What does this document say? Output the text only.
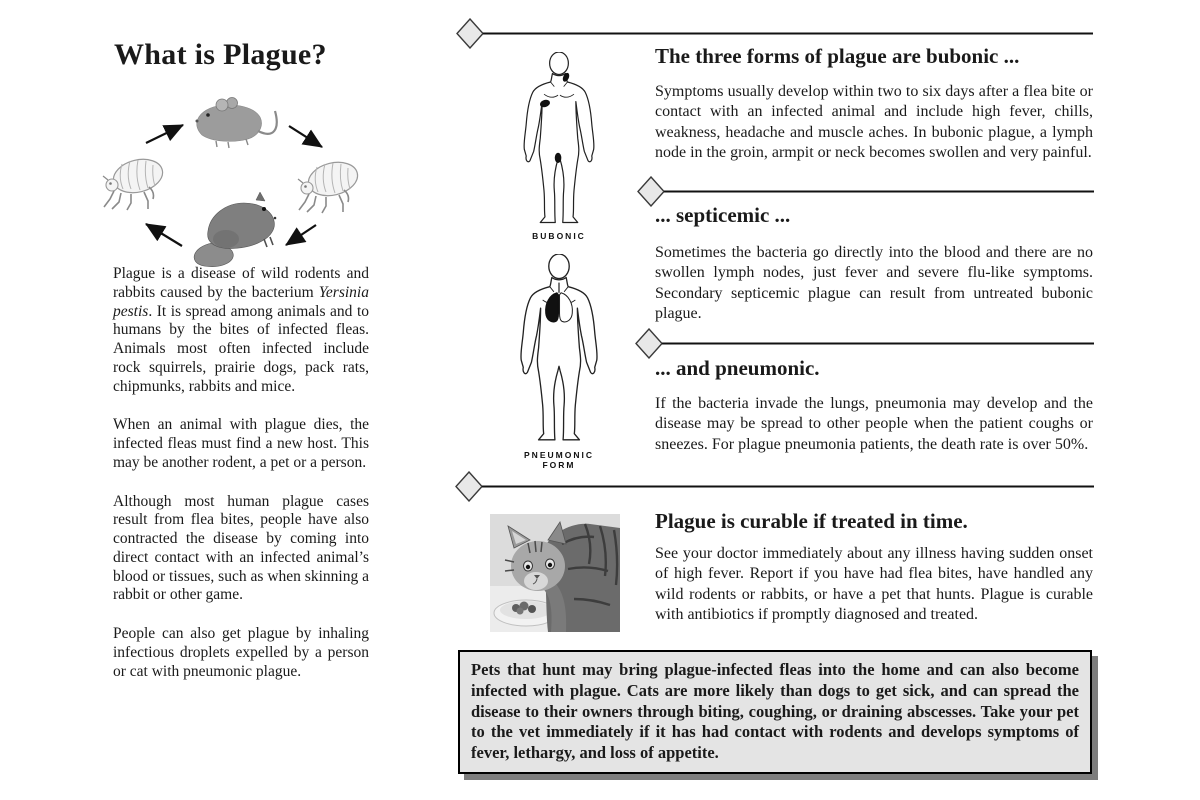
What is Plague?

Plague is a disease of wild rodents and rabbits caused by the bacterium Yersinia pestis. It is spread among animals and to humans by the bites of infected fleas. Animals most often infected include rock squirrels, prairie dogs, pack rats, chipmunks, rabbits and mice.

When an animal with plague dies, the infected fleas must find a new host. This may be another rodent, a pet or a person.

Although most human plague cases result from flea bites, people have also contracted the disease by coming into direct contact with an infected animal’s blood or tissues, such as when skinning a rabbit or other game.

People can also get plague by inhaling infectious droplets expelled by a person or cat with pneumonic plague.

BUBONIC
PNEUMONIC
FORM
The three forms of plague are bubonic ...
Symptoms usually develop within two to six days after a flea bite or contact with an infected animal and include high fever, chills, weakness, headache and muscle aches. In bubonic plague, a lymph node in the groin, armpit or neck becomes swollen and very painful.
... septicemic ...
Sometimes the bacteria go directly into the blood and there are no swollen lymph nodes, just fever and severe flu-like symptoms. Secondary septicemic plague can result from untreated bubonic plague.
... and pneumonic.
If the bacteria invade the lungs, pneumonia may develop and the disease may be spread to other people when the patient coughs or sneezes. For plague pneumonia patients, the death rate is over 50%.
Plague is curable if treated in time.
See your doctor immediately about any illness having sudden onset of high fever. Report if you have had flea bites, have handled any wild rodents or rabbits, or have a pet that hunts. Plague is curable with antibiotics if promptly diagnosed and treated.
Pets that hunt may bring plague-infected fleas into the home and can also become infected with plague. Cats are more likely than dogs to get sick, and can spread the disease to their owners through biting, coughing, or draining abscesses. Take your pet to the vet immediately if it has had contact with rodents and develops symptoms of fever, lethargy, and loss of appetite.
